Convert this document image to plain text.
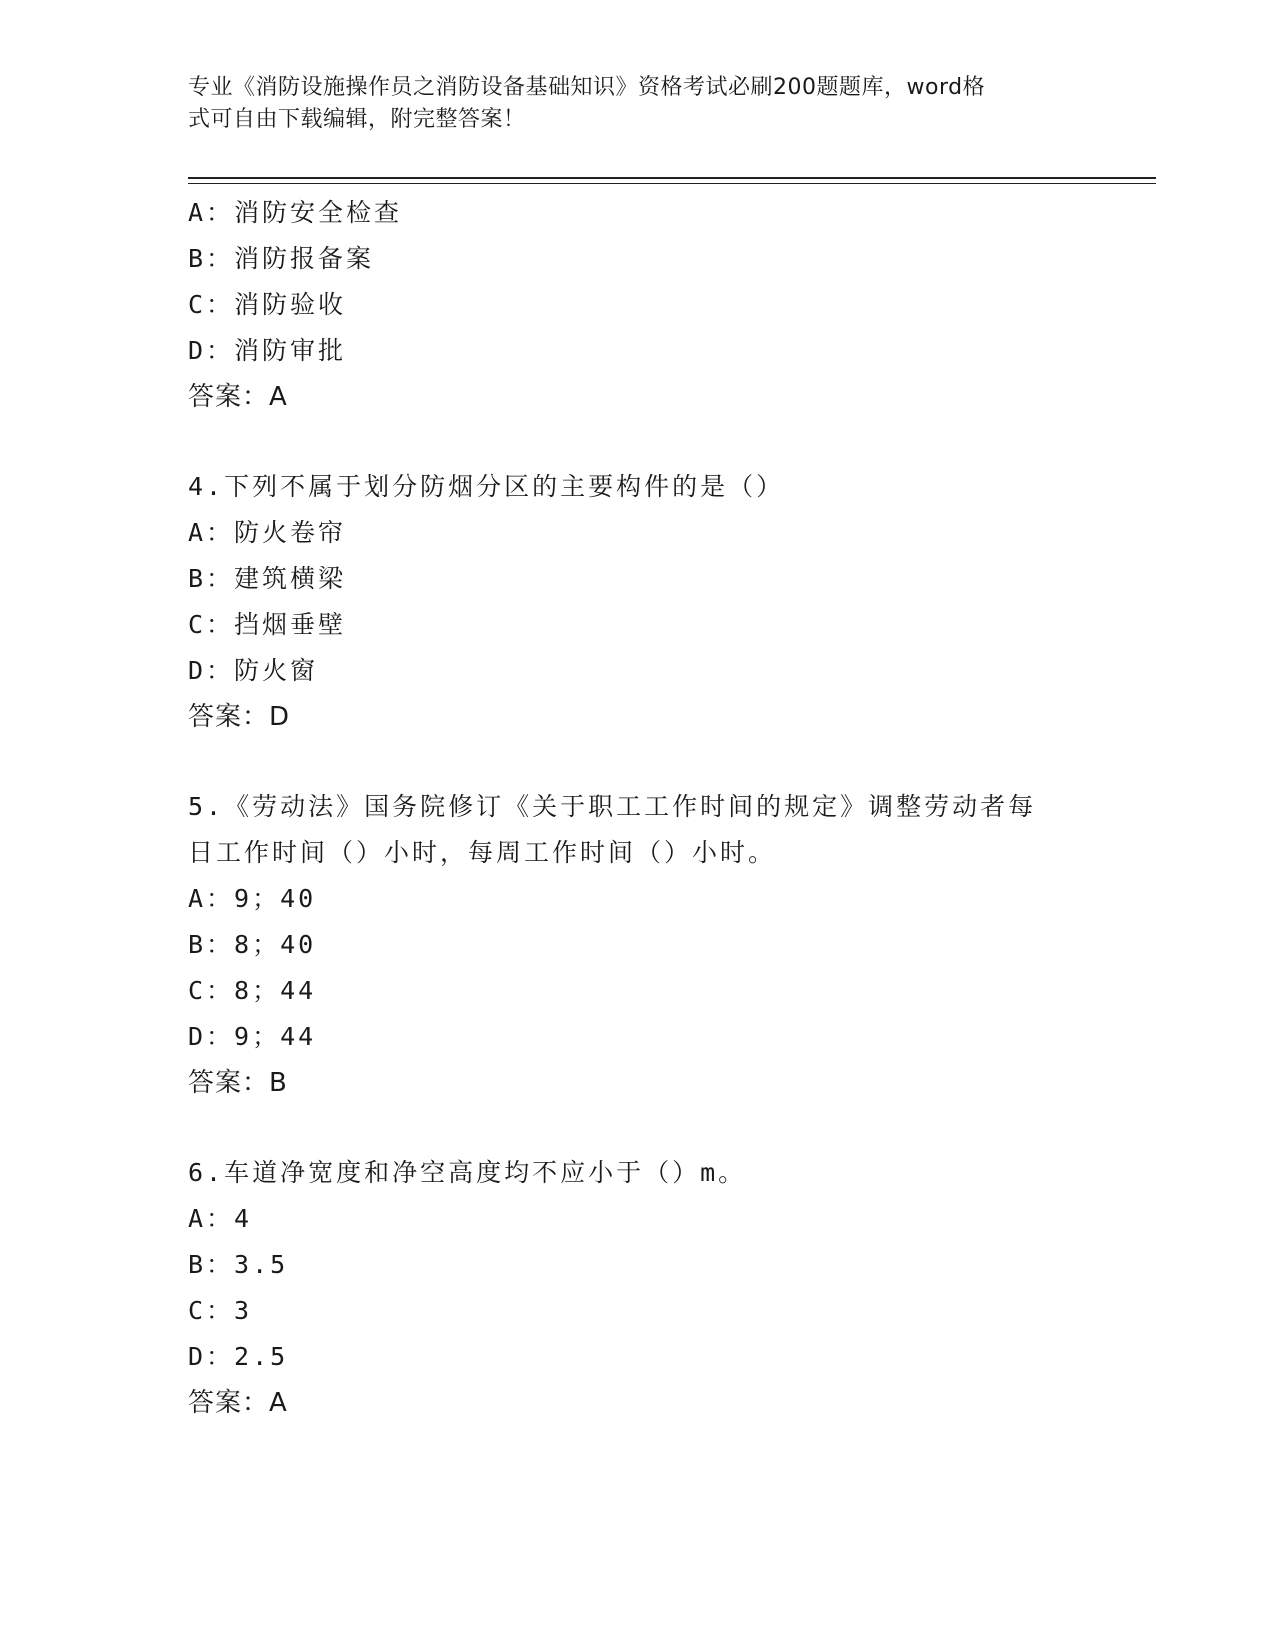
专业《消防设施操作员之消防设备基础知识》资格考试必刷200题题库，word格
式可自由下载编辑，附完整答案！
A：消防安全检查
B：消防报备案
C：消防验收
D：消防审批
答案：A
4.下列不属于划分防烟分区的主要构件的是（）
A：防火卷帘
B：建筑横梁
C：挡烟垂壁
D：防火窗
答案：D
5.《劳动法》国务院修订《关于职工工作时间的规定》调整劳动者每
日工作时间（）小时，每周工作时间（）小时。
A：9；40
B：8；40
C：8；44
D：9；44
答案：B
6.车道净宽度和净空高度均不应小于（）m。
A：4
B：3.5
C：3
D：2.5
答案：A
